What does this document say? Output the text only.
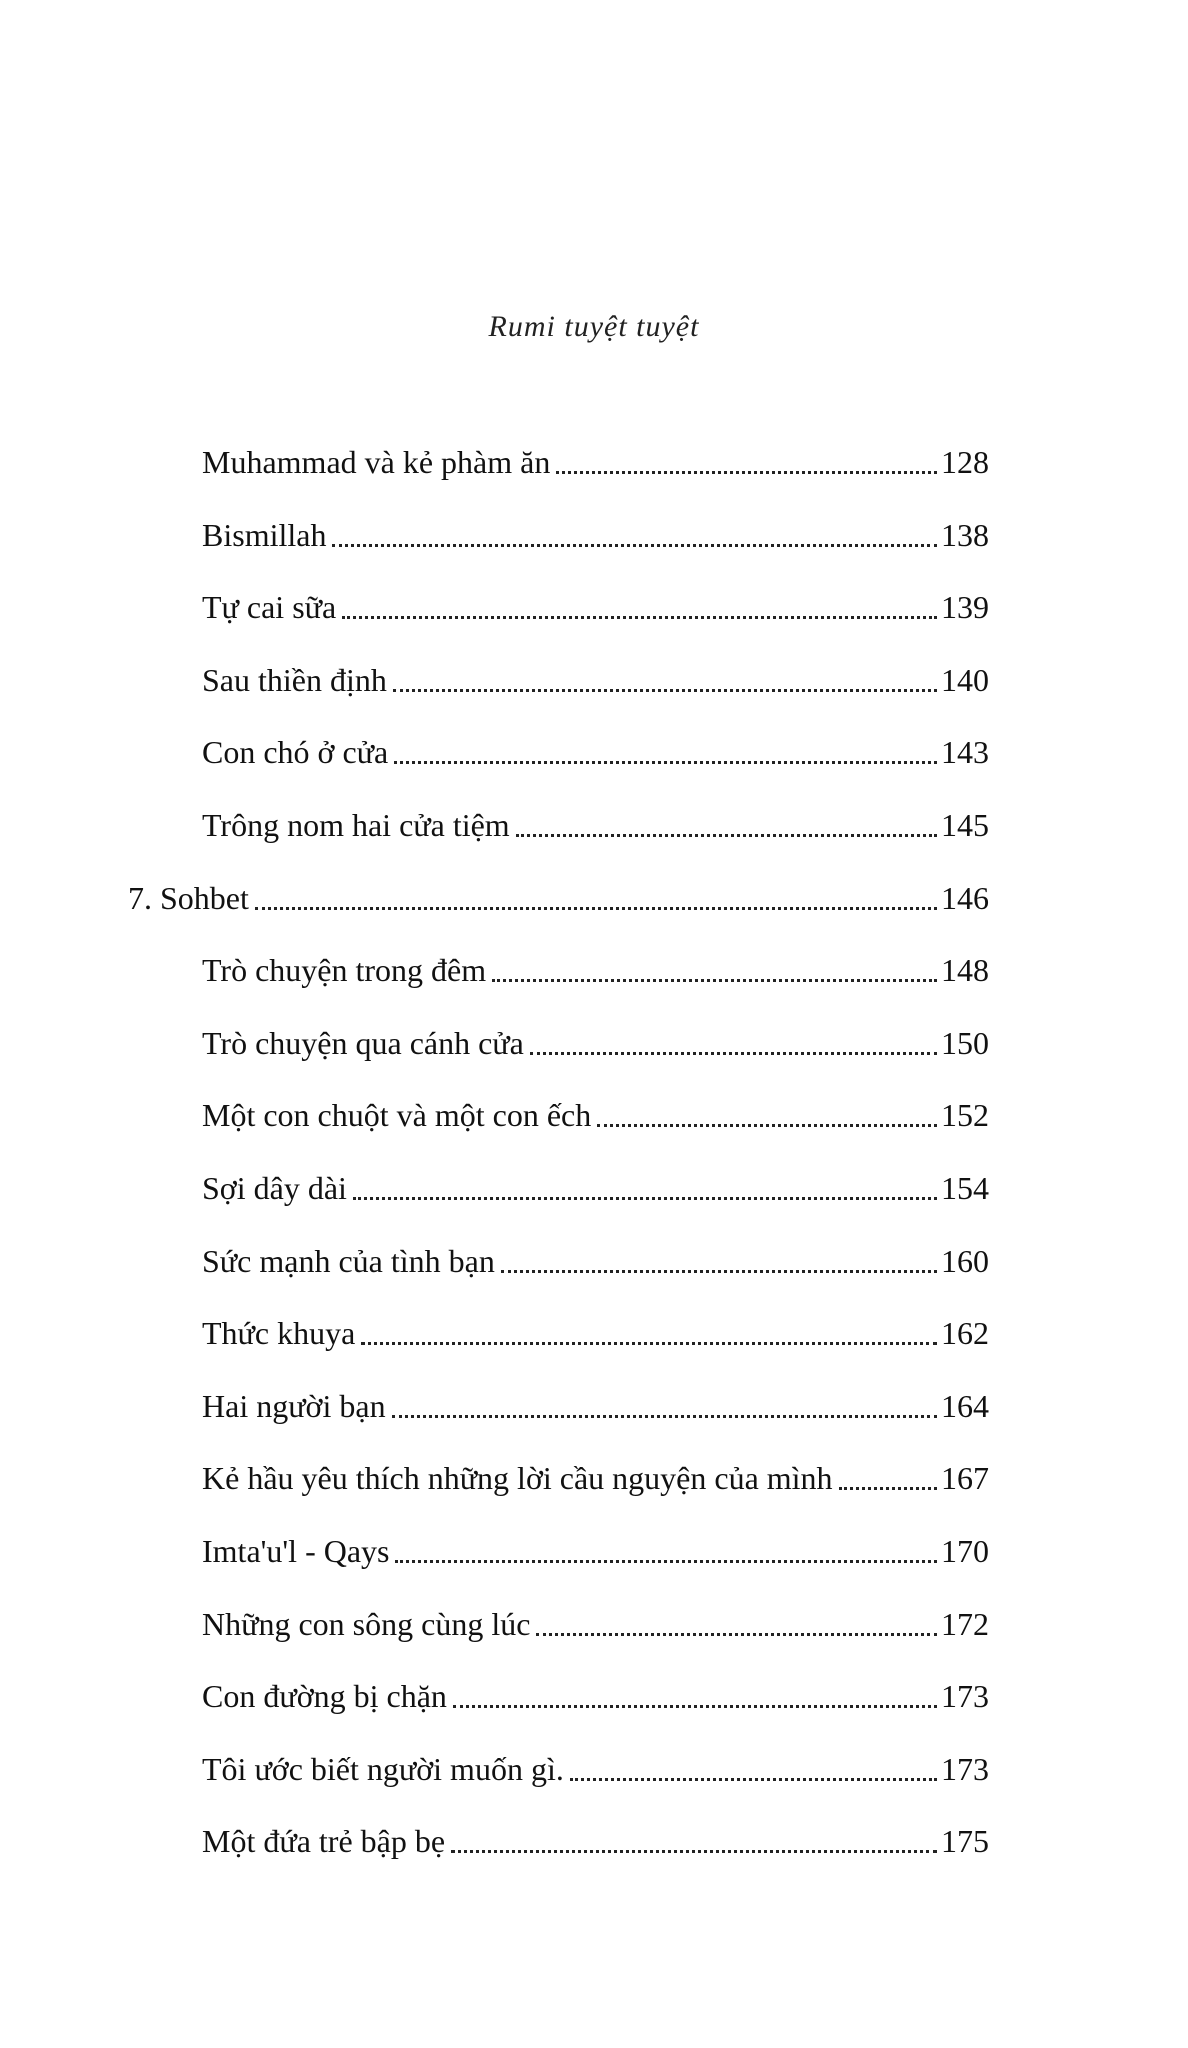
Rumi tuyệt tuyệt
Muhammad và kẻ phàm ăn	128
Bismillah	138
Tự cai sữa	139
Sau thiền định	140
Con chó ở cửa	143
Trông nom hai cửa tiệm	145
7. Sohbet	146
Trò chuyện trong đêm	148
Trò chuyện qua cánh cửa	150
Một con chuột và một con ếch	152
Sợi dây dài	154
Sức mạnh của tình bạn	160
Thức khuya	162
Hai người bạn	164
Kẻ hầu yêu thích những lời cầu nguyện của mình	167
Imta'u'l - Qays	170
Những con sông cùng lúc	172
Con đường bị chặn	173
Tôi ước biết người muốn gì.	173
Một đứa trẻ bập bẹ	175
